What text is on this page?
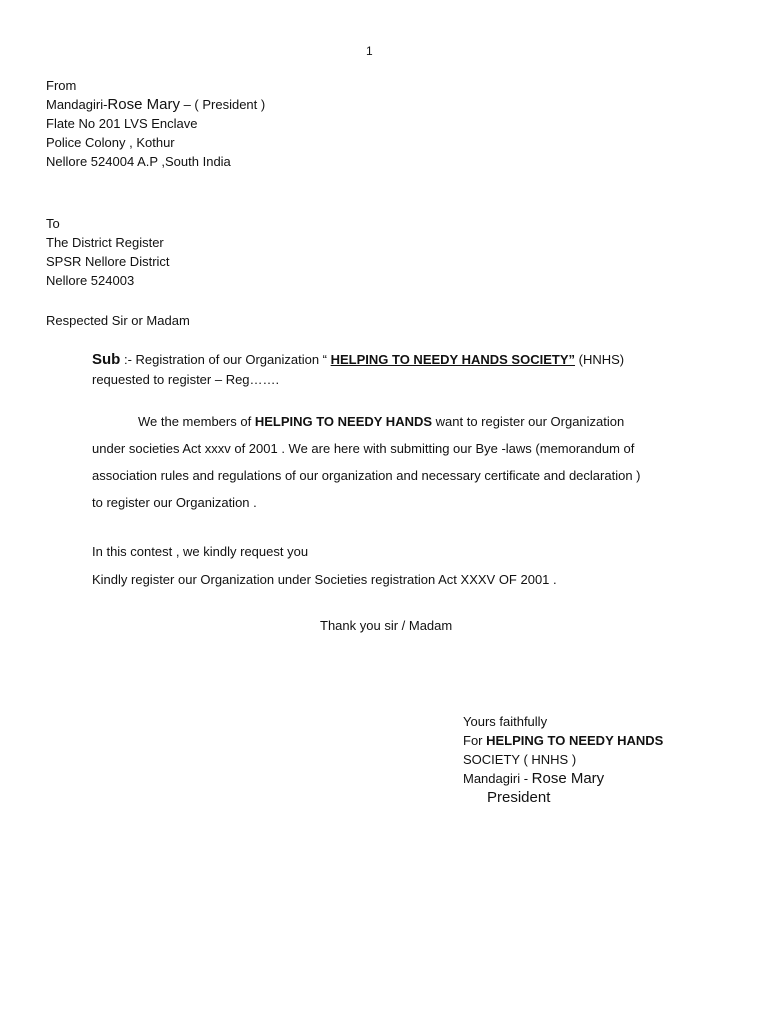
1
From
Mandagiri-Rose Mary – ( President )
Flate No 201 LVS Enclave
Police Colony , Kothur
Nellore 524004 A.P ,South India
To
The District Register
SPSR Nellore District
Nellore 524003
Respected Sir or Madam
Sub :- Registration of our Organization “ HELPING TO NEEDY HANDS SOCIETY” (HNHS)
requested to register – Reg…….
We the members of HELPING TO NEEDY HANDS want to register our Organization
under societies Act xxxv of 2001 . We are here with submitting our Bye -laws (memorandum of
association rules and regulations of our organization and necessary certificate and declaration )
to register our Organization .
In this contest , we kindly request you
Kindly register our Organization under Societies registration Act XXXV OF 2001 .
Thank you sir / Madam
Yours faithfully
For HELPING TO NEEDY HANDS
SOCIETY ( HNHS )
Mandagiri - Rose Mary
President
